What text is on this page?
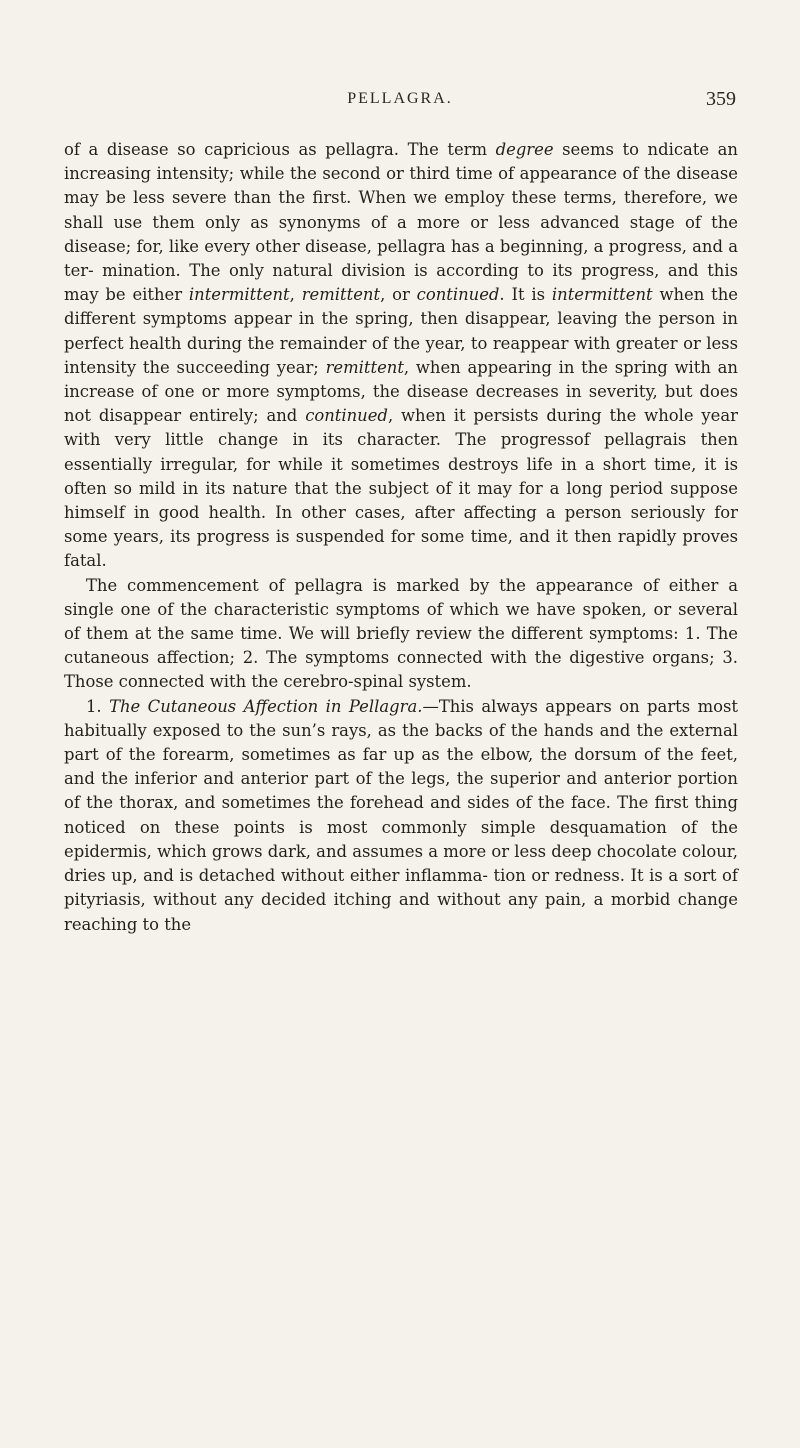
PELLAGRA.	359

of a disease so capricious as pellagra. The term degree seems to ndicate an increasing intensity; while the second or third time of appearance of the disease may be less severe than the first. When we employ these terms, therefore, we shall use them only as synonyms of a more or less advanced stage of the disease; for, like every other disease, pellagra has a beginning, a progress, and a ter- mination. The only natural division is according to its progress, and this may be either intermittent, remittent, or continued. It is intermittent when the different symptoms appear in the spring, then disappear, leaving the person in perfect health during the remainder of the year, to reappear with greater or less intensity the succeeding year; remittent, when appearing in the spring with an increase of one or more symptoms, the disease decreases in severity, but does not disappear entirely; and continued, when it persists during the whole year with very little change in its character. The progressof pellagrais then essentially irregular, for while it sometimes destroys life in a short time, it is often so mild in its nature that the subject of it may for a long period suppose himself in good health. In other cases, after affecting a person seriously for some years, its progress is suspended for some time, and it then rapidly proves fatal.

The commencement of pellagra is marked by the appearance of either a single one of the characteristic symptoms of which we have spoken, or several of them at the same time. We will briefly review the different symptoms: 1. The cutaneous affection; 2. The symptoms connected with the digestive organs; 3. Those connected with the cerebro-spinal system.

1. The Cutaneous Affection in Pellagra.—This always appears on parts most habitually exposed to the sun’s rays, as the backs of the hands and the external part of the forearm, sometimes as far up as the elbow, the dorsum of the feet, and the inferior and anterior part of the legs, the superior and anterior portion of the thorax, and sometimes the forehead and sides of the face. The first thing noticed on these points is most commonly simple desquamation of the epidermis, which grows dark, and assumes a more or less deep chocolate colour, dries up, and is detached without either inflamma- tion or redness. It is a sort of pityriasis, without any decided itching and without any pain, a morbid change reaching to the
